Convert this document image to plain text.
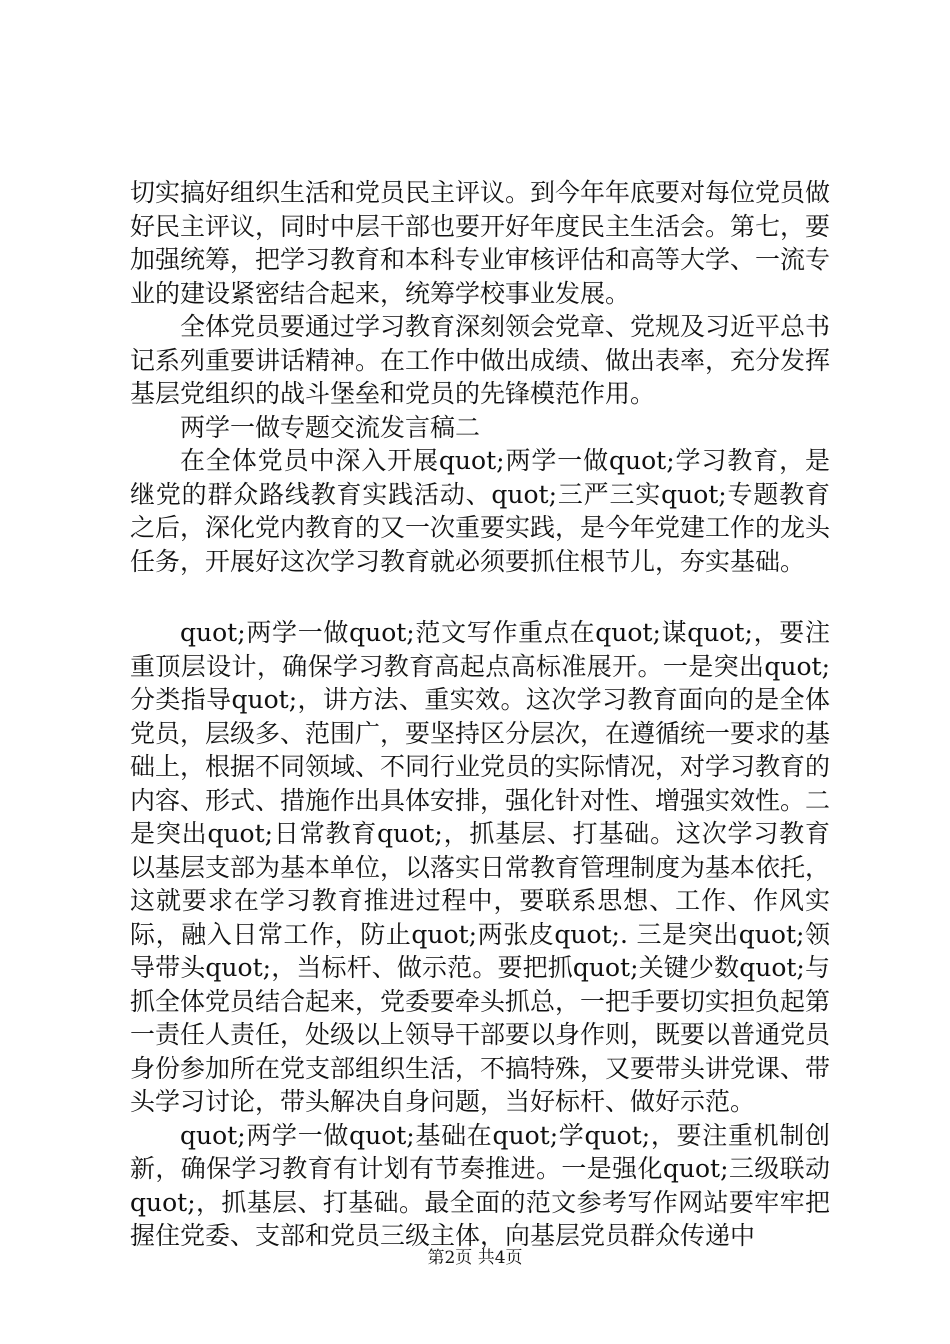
切实搞好组织生活和党员民主评议。到今年年底要对每位党员做好民主评议，同时中层干部也要开好年度民主生活会。第七，要加强统筹，把学习教育和本科专业审核评估和高等大学、一流专业的建设紧密结合起来，统筹学校事业发展。

全体党员要通过学习教育深刻领会党章、党规及习近平总书记系列重要讲话精神。在工作中做出成绩、做出表率，充分发挥基层党组织的战斗堡垒和党员的先锋模范作用。

两学一做专题交流发言稿二

在全体党员中深入开展quot;两学一做quot;学习教育，是继党的群众路线教育实践活动、quot;三严三实quot;专题教育之后，深化党内教育的又一次重要实践，是今年党建工作的龙头任务，开展好这次学习教育就必须要抓住根节儿，夯实基础。

quot;两学一做quot;范文写作重点在quot;谋quot;，要注重顶层设计，确保学习教育高起点高标准展开。一是突出quot;分类指导quot;，讲方法、重实效。这次学习教育面向的是全体党员，层级多、范围广，要坚持区分层次，在遵循统一要求的基础上，根据不同领域、不同行业党员的实际情况，对学习教育的内容、形式、措施作出具体安排，强化针对性、增强实效性。二是突出quot;日常教育quot;，抓基层、打基础。这次学习教育以基层支部为基本单位，以落实日常教育管理制度为基本依托，这就要求在学习教育推进过程中，要联系思想、工作、作风实际，融入日常工作，防止quot;两张皮quot;. 三是突出quot;领导带头quot;，当标杆、做示范。要把抓quot;关键少数quot;与抓全体党员结合起来，党委要牵头抓总，一把手要切实担负起第一责任人责任，处级以上领导干部要以身作则，既要以普通党员身份参加所在党支部组织生活，不搞特殊，又要带头讲党课、带头学习讨论，带头解决自身问题，当好标杆、做好示范。

quot;两学一做quot;基础在quot;学quot;，要注重机制创新，确保学习教育有计划有节奏推进。一是强化quot;三级联动quot;，抓基层、打基础。最全面的范文参考写作网站要牢牢把握住党委、支部和党员三级主体，向基层党员群众传递中

第2页 共4页
